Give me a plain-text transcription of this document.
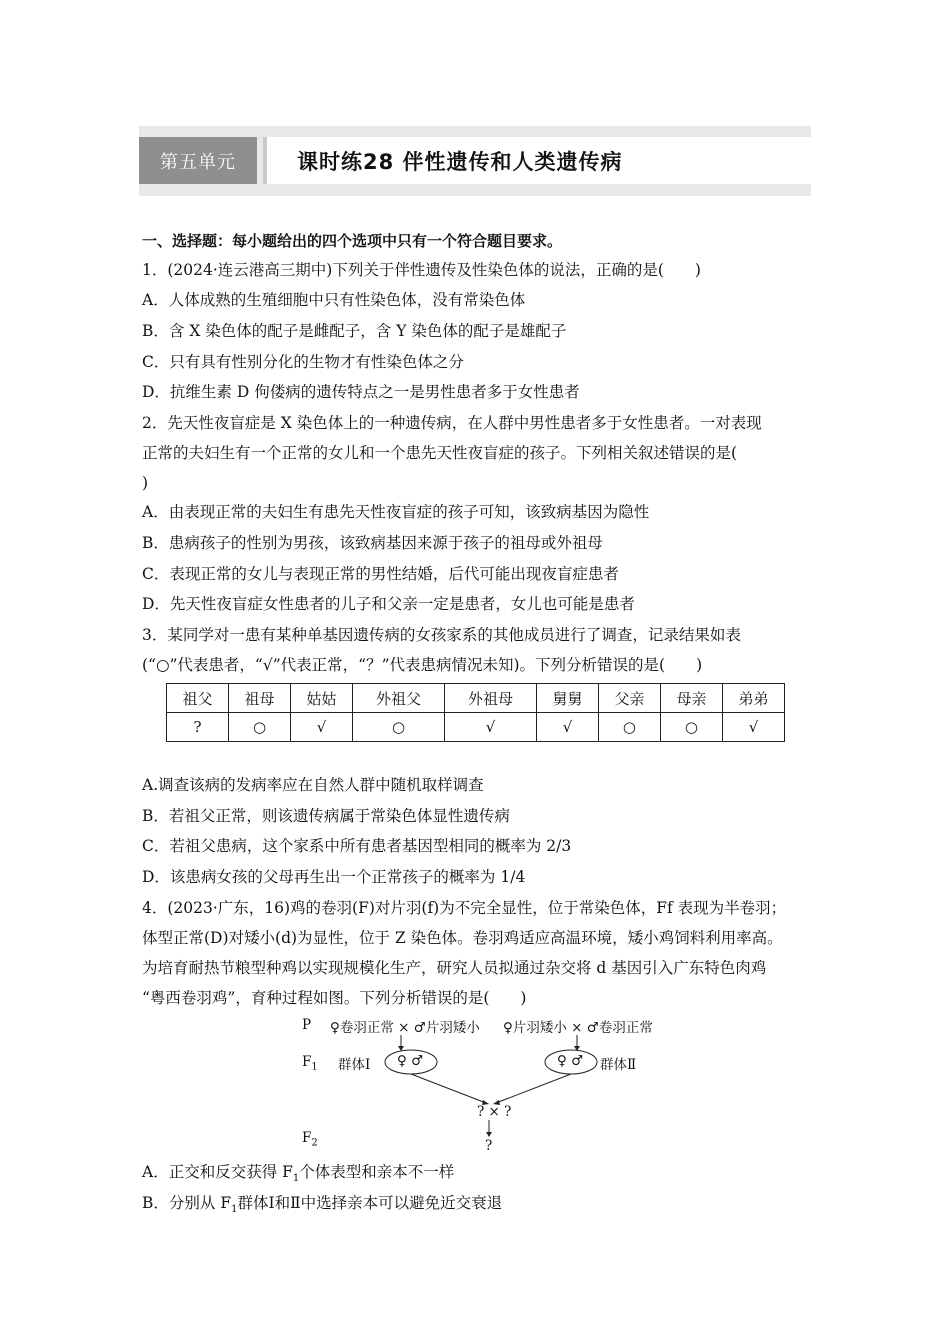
第五单元	课时练28 伴性遗传和人类遗传病
一、选择题：每小题给出的四个选项中只有一个符合题目要求。
1．(2024·连云港高三期中)下列关于伴性遗传及性染色体的说法，正确的是(　　)
A．人体成熟的生殖细胞中只有性染色体，没有常染色体
B．含 X 染色体的配子是雌配子，含 Y 染色体的配子是雄配子
C．只有具有性别分化的生物才有性染色体之分
D．抗维生素 D 佝偻病的遗传特点之一是男性患者多于女性患者
2．先天性夜盲症是 X 染色体上的一种遗传病，在人群中男性患者多于女性患者。一对表现
正常的夫妇生有一个正常的女儿和一个患先天性夜盲症的孩子。下列相关叙述错误的是(
)
A．由表现正常的夫妇生有患先天性夜盲症的孩子可知，该致病基因为隐性
B．患病孩子的性别为男孩，该致病基因来源于孩子的祖母或外祖母
C．表现正常的女儿与表现正常的男性结婚，后代可能出现夜盲症患者
D．先天性夜盲症女性患者的儿子和父亲一定是患者，女儿也可能是患者
3．某同学对一患有某种单基因遗传病的女孩家系的其他成员进行了调查，记录结果如表
(“○”代表患者，“√”代表正常，“？”代表患病情况未知)。下列分析错误的是(　　)
祖父	祖母	姑姑	外祖父	外祖母	舅舅	父亲	母亲	弟弟
?	○	√	○	√	√	○	○	√
A.调查该病的发病率应在自然人群中随机取样调查
B．若祖父正常，则该遗传病属于常染色体显性遗传病
C．若祖父患病，这个家系中所有患者基因型相同的概率为 2/3
D．该患病女孩的父母再生出一个正常孩子的概率为 1/4
4．(2023·广东，16)鸡的卷羽(F)对片羽(f)为不完全显性，位于常染色体，Ff 表现为半卷羽；
体型正常(D)对矮小(d)为显性，位于 Z 染色体。卷羽鸡适应高温环境，矮小鸡饲料利用率高。
为培育耐热节粮型种鸡以实现规模化生产，研究人员拟通过杂交将 d 基因引入广东特色肉鸡
“粤西卷羽鸡”，育种过程如图。下列分析错误的是(　　)
P ♀卷羽正常 × ♂片羽矮小 ♀片羽矮小 × ♂卷羽正常
$F_1$ 群体Ⅰ ♀ ♂	♀ ♂ 群体Ⅱ
? × ?
$F_2$	?
A．正交和反交获得 $F_1$个体表型和亲本不一样
B．分别从 $F_1$群体Ⅰ和Ⅱ中选择亲本可以避免近交衰退
